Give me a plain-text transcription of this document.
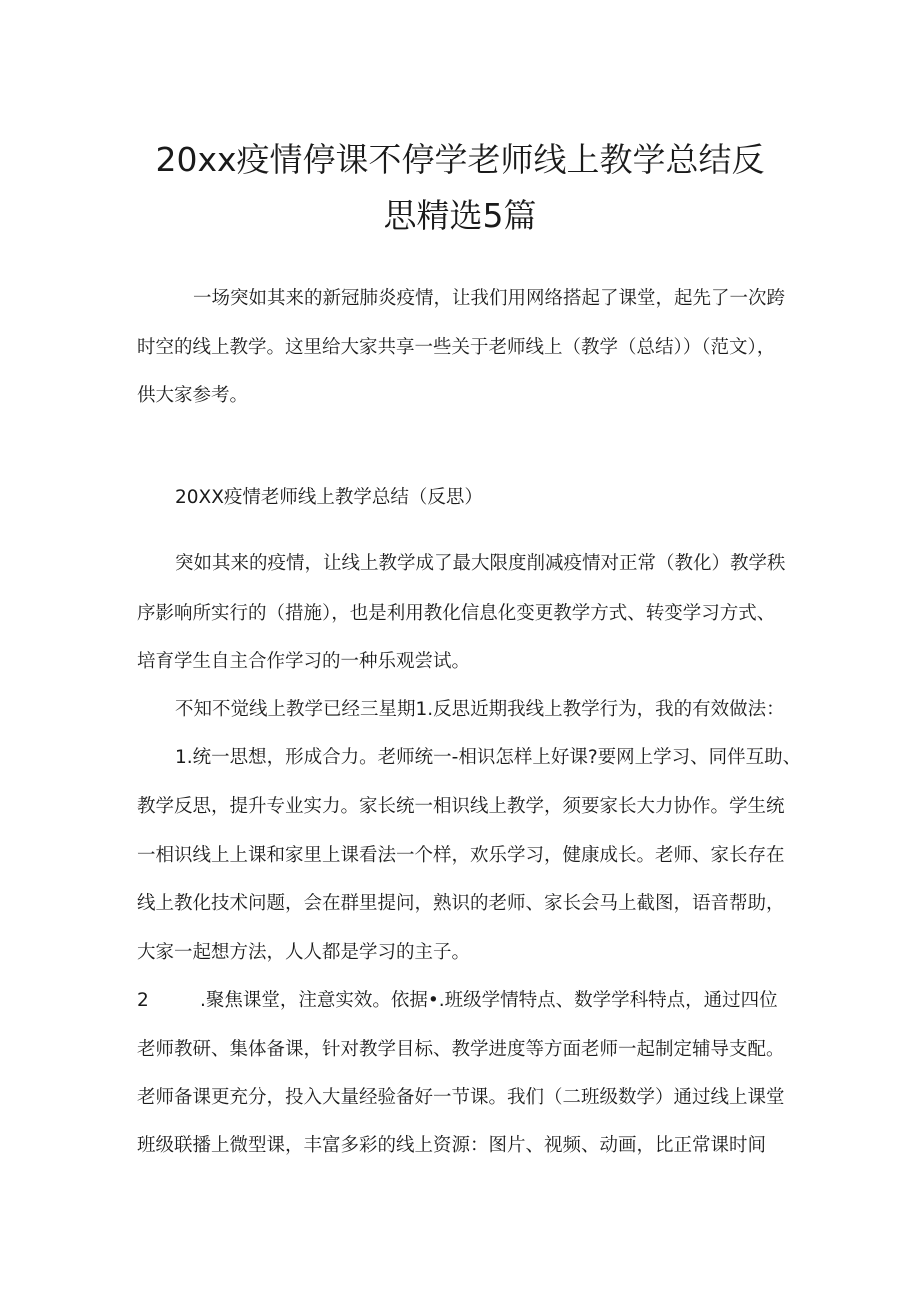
20xx疫情停课不停学老师线上教学总结反
思精选5篇

一场突如其来的新冠肺炎疫情，让我们用网络搭起了课堂，起先了一次跨

时空的线上教学。这里给大家共享一些关于老师线上（教学（总结））（范文），

供大家参考。

20XX疫情老师线上教学总结（反思）

突如其来的疫情，让线上教学成了最大限度削减疫情对正常（教化）教学秩

序影响所实行的（措施），也是利用教化信息化变更教学方式、转变学习方式、

培育学生自主合作学习的一种乐观尝试。

不知不觉线上教学已经三星期1.反思近期我线上教学行为，我的有效做法：

1.统一思想，形成合力。老师统一-相识怎样上好课?要网上学习、同伴互助、

教学反思，提升专业实力。家长统一相识线上教学，须要家长大力协作。学生统

一相识线上上课和家里上课看法一个样，欢乐学习，健康成长。老师、家长存在

线上教化技术问题，会在群里提问，熟识的老师、家长会马上截图，语音帮助，

大家一起想方法，人人都是学习的主子。

2	.聚焦课堂，注意实效。依据•.班级学情特点、数学学科特点，通过四位

老师教研、集体备课，针对教学目标、教学进度等方面老师一起制定辅导支配。

老师备课更充分，投入大量经验备好一节课。我们（二班级数学）通过线上课堂

班级联播上微型课，丰富多彩的线上资源：图片、视频、动画，比正常课时间
